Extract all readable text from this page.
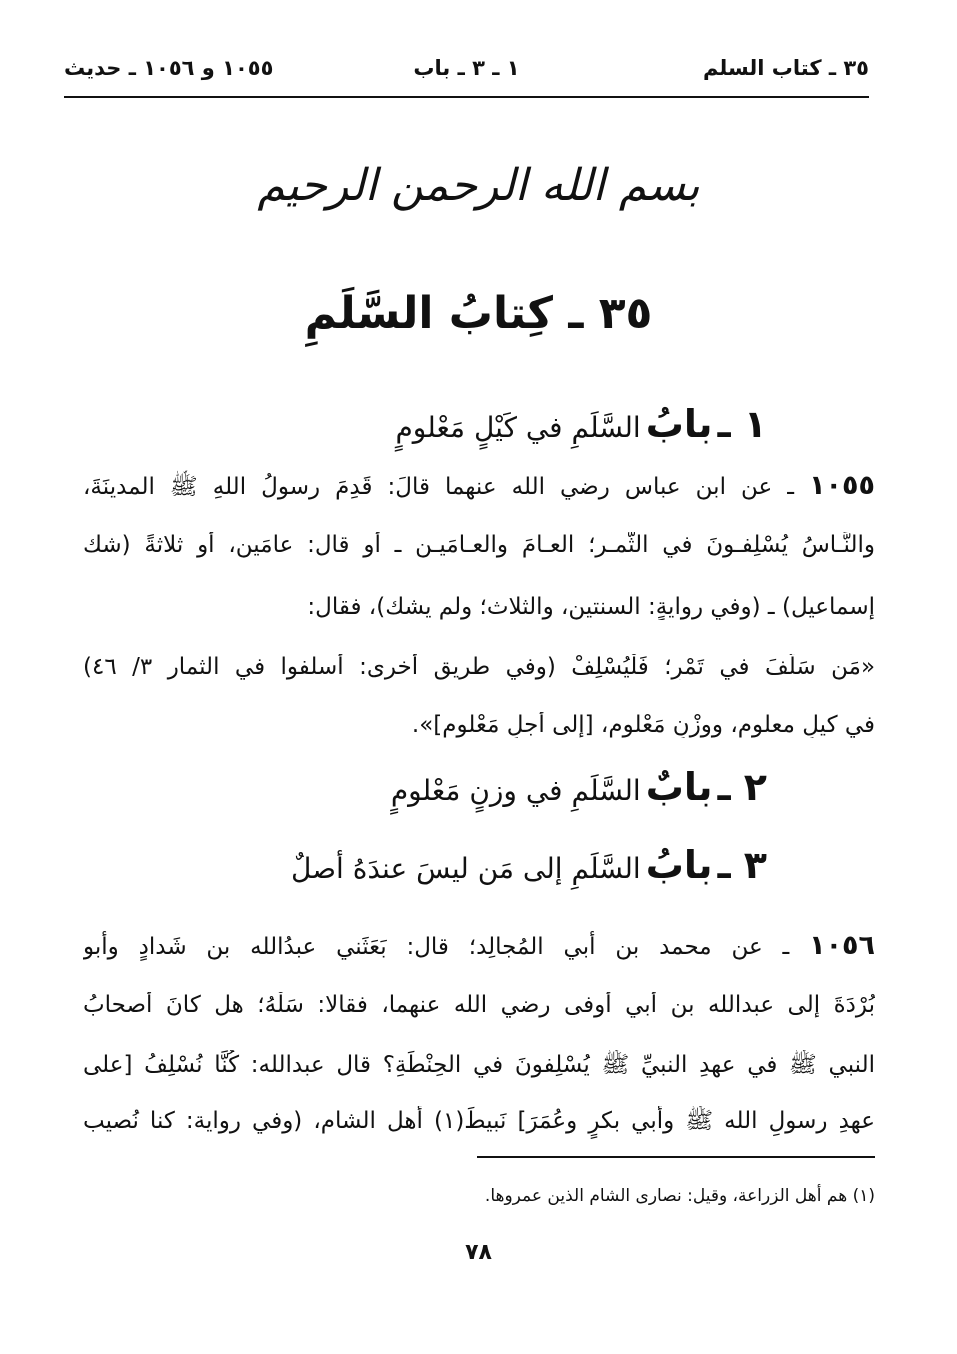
٣٥ ـ كتاب السلم
١ ـ ٣ ـ باب
١٠٥٥ و ١٠٥٦ ـ حديث
بسم الله الرحمن الرحيم
٣٥ ـ كِتابُ السَّلَمِ
١ ـ بابُ السَّلَمِ في كَيْلٍ مَعْلومٍ
١٠٥٥ ـ عن ابن عباس رضي الله عنهما قالَ: قَدِمَ رسولُ اللهِ ﷺ المدينَةَ،
والنَّـاسُ يُسْلِفـونَ في الثَّمـرِ؛ العـامَ والعـامَيـن ـ أو قال: عامَين، أو ثلاثةً (شك
إسماعيل) ـ (وفي روايةٍ: السنتين، والثلاث؛ ولم يشك)، فقال:
«مَن سَلَّفَ في تَمْرٍ؛ فَلْيُسْلِفْ (وفي طريق أخرى: أسلفوا في الثمارِ ٣/ ٤٦)
في كيلٍ معلومٍ، ووزْنٍ مَعْلومٍ، [إلى أجلٍ مَعْلومٍ]».
٢ ـ بابٌ السَّلَمِ في وزنٍ مَعْلومٍ
٣ ـ بابُ السَّلَمِ إلى مَن ليسَ عندَهُ أصلٌ
١٠٥٦ ـ عن محمد بن أبي المُجالِد؛ قال: بَعَثَني عبدُالله بن شَدادٍ وأبو
بُرْدَةَ إلى عبدالله بن أبي أوفى رضي الله عنهما، فقالا: سَلْهُ؛ هل كانَ أصحابُ
النبي ﷺ في عهدِ النبيِّ ﷺ يُسْلِفونَ في الحِنْطَةِ؟ قال عبدالله: كُنَّا نُسْلِفُ [على
عهدِ رسولِ الله ﷺ وأبي بكرٍ وعُمَرَ] نَبيطَ(١) أهل الشام، (وفي رواية: كنا نُصيب
(١) هم أهل الزراعة، وقيل: نصارى الشام الذين عمروها.
٧٨
